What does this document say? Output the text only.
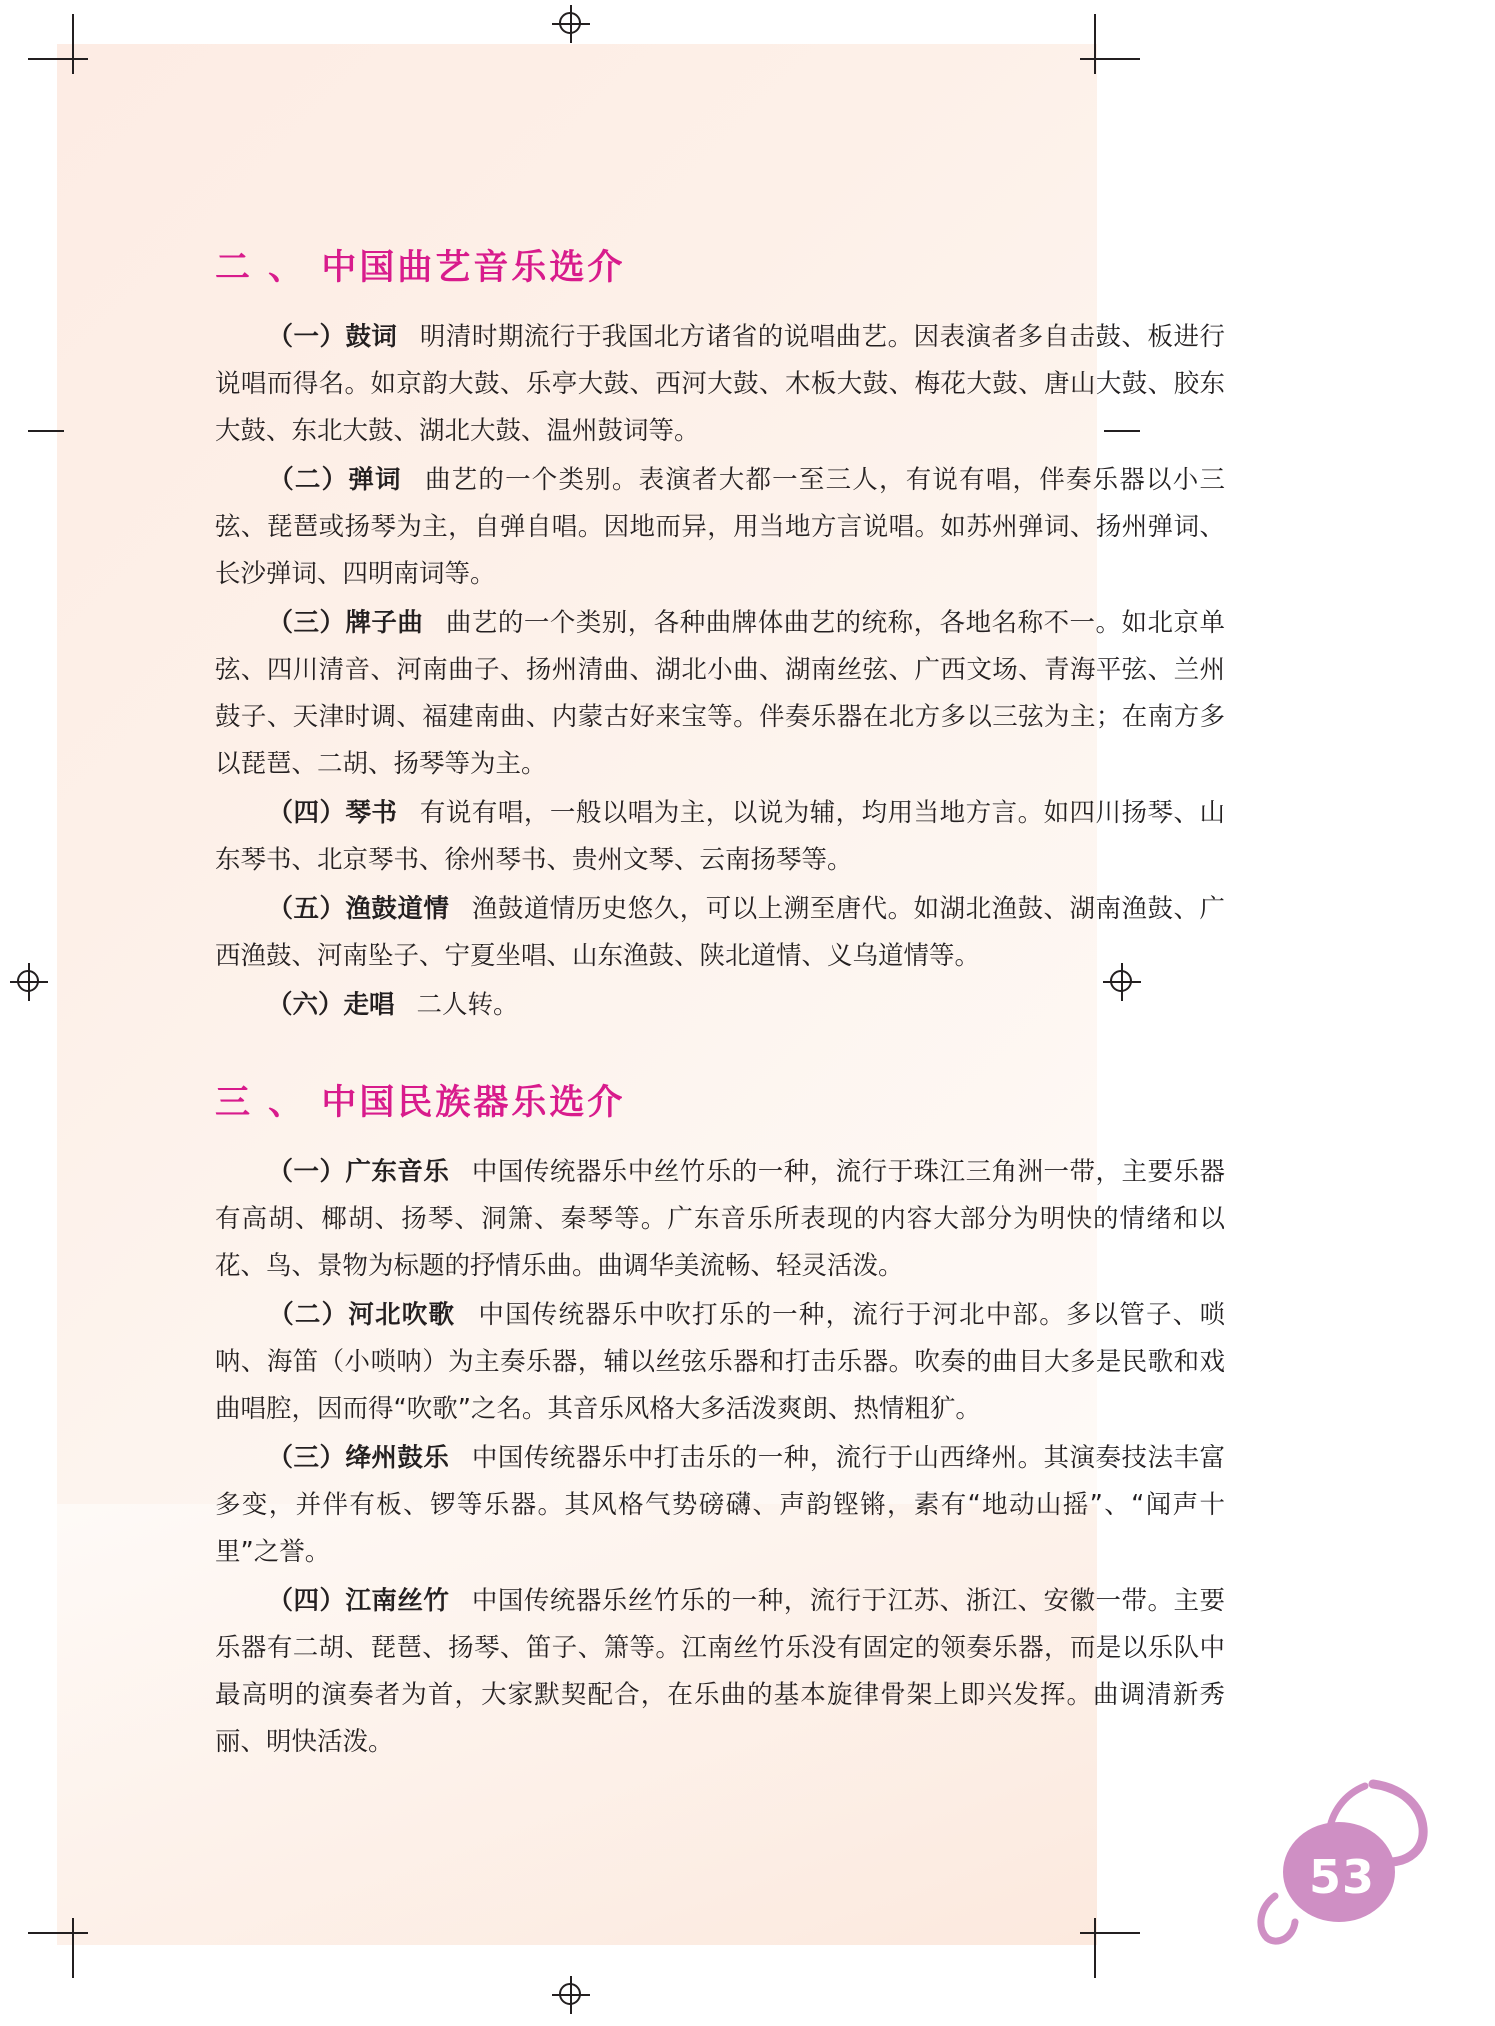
二 、 中国曲艺音乐选介

（一）鼓词 明清时期流行于我国北方诸省的说唱曲艺。因表演者多自击鼓、板进行说唱而得名。如京韵大鼓、乐亭大鼓、西河大鼓、木板大鼓、梅花大鼓、唐山大鼓、胶东大鼓、东北大鼓、湖北大鼓、温州鼓词等。

（二）弹词 曲艺的一个类别。表演者大都一至三人，有说有唱，伴奏乐器以小三弦、琵琶或扬琴为主，自弹自唱。因地而异，用当地方言说唱。如苏州弹词、扬州弹词、长沙弹词、四明南词等。

（三）牌子曲 曲艺的一个类别，各种曲牌体曲艺的统称，各地名称不一。如北京单弦、四川清音、河南曲子、扬州清曲、湖北小曲、湖南丝弦、广西文场、青海平弦、兰州鼓子、天津时调、福建南曲、内蒙古好来宝等。伴奏乐器在北方多以三弦为主；在南方多以琵琶、二胡、扬琴等为主。

（四）琴书 有说有唱，一般以唱为主，以说为辅，均用当地方言。如四川扬琴、山东琴书、北京琴书、徐州琴书、贵州文琴、云南扬琴等。

（五）渔鼓道情 渔鼓道情历史悠久，可以上溯至唐代。如湖北渔鼓、湖南渔鼓、广西渔鼓、河南坠子、宁夏坐唱、山东渔鼓、陕北道情、义乌道情等。

（六）走唱 二人转。

三 、 中国民族器乐选介

（一）广东音乐 中国传统器乐中丝竹乐的一种，流行于珠江三角洲一带，主要乐器有高胡、椰胡、扬琴、洞箫、秦琴等。广东音乐所表现的内容大部分为明快的情绪和以花、鸟、景物为标题的抒情乐曲。曲调华美流畅、轻灵活泼。

（二）河北吹歌 中国传统器乐中吹打乐的一种，流行于河北中部。多以管子、唢呐、海笛（小唢呐）为主奏乐器，辅以丝弦乐器和打击乐器。吹奏的曲目大多是民歌和戏曲唱腔，因而得“吹歌”之名。其音乐风格大多活泼爽朗、热情粗犷。

（三）绛州鼓乐 中国传统器乐中打击乐的一种，流行于山西绛州。其演奏技法丰富多变，并伴有板、锣等乐器。其风格气势磅礴、声韵铿锵，素有“地动山摇”、“闻声十里”之誉。

（四）江南丝竹 中国传统器乐丝竹乐的一种，流行于江苏、浙江、安徽一带。主要乐器有二胡、琵琶、扬琴、笛子、箫等。江南丝竹乐没有固定的领奏乐器，而是以乐队中最高明的演奏者为首，大家默契配合，在乐曲的基本旋律骨架上即兴发挥。曲调清新秀丽、明快活泼。

53
